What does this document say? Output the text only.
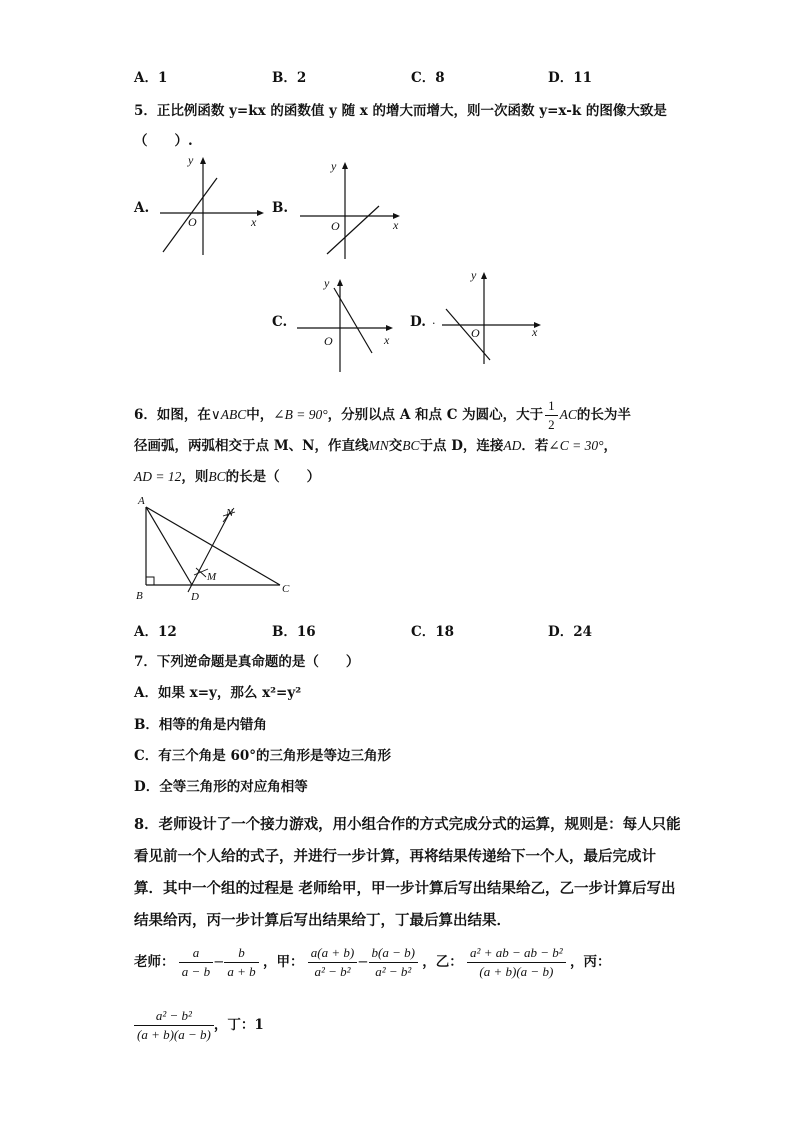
A．1	B．2	C．8	D．11
5．正比例函数 y=kx 的函数值 y 随 x 的增大而增大，则一次函数 y=x-k 的图像大致是
（　　）.
A.
O	x
y
B.
O	x
y
C.
O	x
y
D. .
O	x
y
6．如图，在∨ABC中，∠B = 90°，分别以点 A 和点 C 为圆心，大于 $\frac{1}{2}$ AC的长为半
径画弧，两弧相交于点 M、N，作直线MN交BC于点 D，连接AD．若∠C = 30°，
AD = 12，则BC的长是（　　）
A
B
C
D
M
N
A．12	B．16	C．18	D．24
7．下列逆命题是真命题的是（　　）
A．如果 x=y，那么 x²=y²
B．相等的角是内错角
C．有三个角是 60°的三角形是等边三角形
D．全等三角形的对应角相等
8．老师设计了一个接力游戏，用小组合作的方式完成分式的运算，规则是：每人只能
看见前一个人给的式子，并进行一步计算，再将结果传递给下一个人，最后完成计
算．其中一个组的过程是 老师给甲，甲一步计算后写出结果给乙，乙一步计算后写出
结果给丙，丙一步计算后写出结果给丁，丁最后算出结果．
老师： $\frac{a}{a - b} - \frac{b}{a + b}$ ，甲： $\frac{a(a + b)}{\text{a² − b²}} - \frac{b(a - b)}{\text{a² − b²}}$ ，乙： $\frac{\text{a² + ab − ab − b²}}{(a + b)(a - b)}$ ，丙：
$\frac{\text{a² − b²}}{(a + b)(a - b)}$ ，丁：1
